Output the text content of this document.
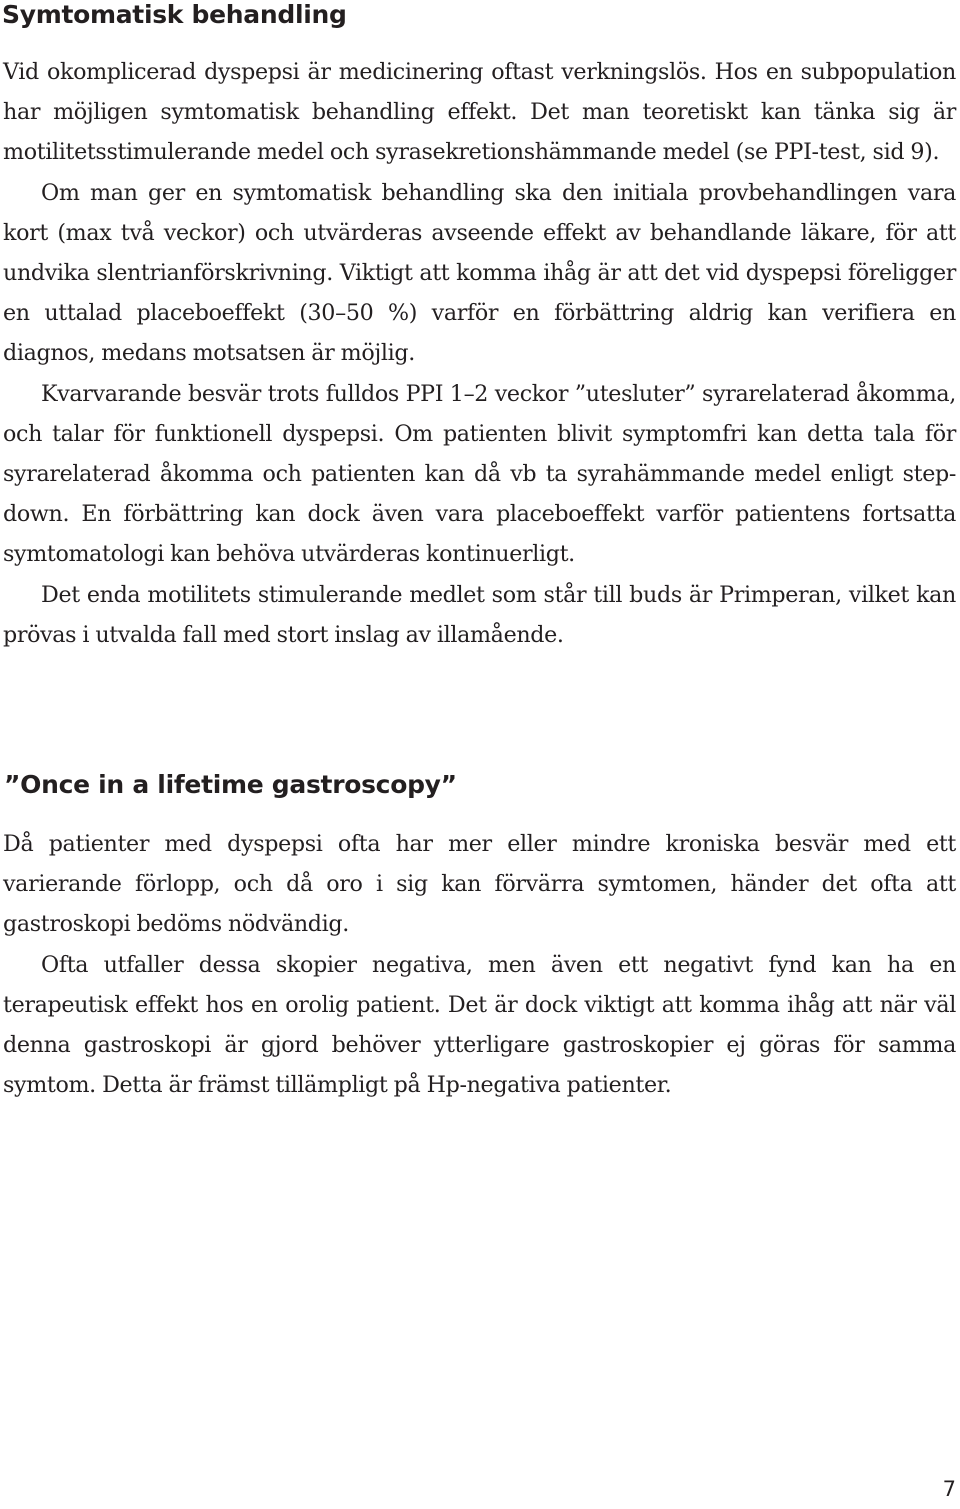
Symtomatisk behandling

Vid okomplicerad dyspepsi är medicinering oftast verkningslös. Hos en subpopulation har möjligen symtomatisk behandling effekt. Det man teoretiskt kan tänka sig är motilitetsstimulerande medel och syrasekretionshämmande medel (se PPI-test, sid 9).

Om man ger en symtomatisk behandling ska den initiala provbehandlingen vara kort (max två veckor) och utvärderas avseende effekt av behandlande läkare, för att undvika slentrianförskrivning. Viktigt att komma ihåg är att det vid dyspepsi föreligger en uttalad placeboeffekt (30–50 %) varför en förbättring aldrig kan verifiera en diagnos, medans motsatsen är möjlig.

Kvarvarande besvär trots fulldos PPI 1–2 veckor ”utesluter” syrarelaterad åkomma, och talar för funktionell dyspepsi. Om patienten blivit symptomfri kan detta tala för syrarelaterad åkomma och patienten kan då vb ta syrahämmande medel enligt step-down. En förbättring kan dock även vara placeboeffekt varför patientens fortsatta symtomatologi kan behöva utvärderas kontinuerligt.

Det enda motilitets stimulerande medlet som står till buds är Primperan, vilket kan prövas i utvalda fall med stort inslag av illamående.

”Once in a lifetime gastroscopy”

Då patienter med dyspepsi ofta har mer eller mindre kroniska besvär med ett varierande förlopp, och då oro i sig kan förvärra symtomen, händer det ofta att gastroskopi bedöms nödvändig.

Ofta utfaller dessa skopier negativa, men även ett negativt fynd kan ha en terapeutisk effekt hos en orolig patient. Det är dock viktigt att komma ihåg att när väl denna gastroskopi är gjord behöver ytterligare gastroskopier ej göras för samma symtom. Detta är främst tillämpligt på Hp-negativa patienter.

7
